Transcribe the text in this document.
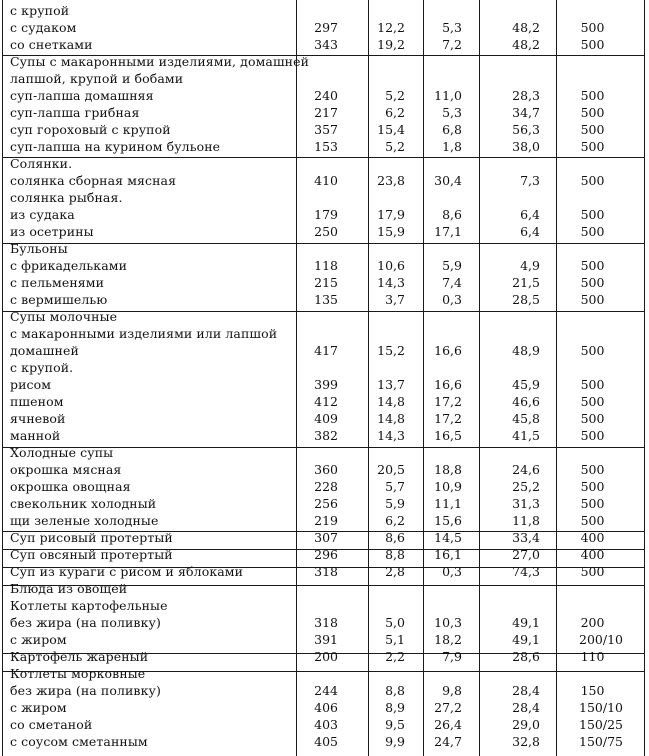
с крупой
с судаком	297	12,2	5,3	48,2	500
со снетками	343	19,2	7,2	48,2	500
Супы с макаронными изделиями, домашней
лапшой, крупой и бобами
суп-лапша домашняя	240	5,2	11,0	28,3	500
суп-лапша грибная	217	6,2	5,3	34,7	500
суп гороховый с крупой	357	15,4	6,8	56,3	500
суп-лапша на курином бульоне	153	5,2	1,8	38,0	500
Солянки.
солянка сборная мясная	410	23,8	30,4	7,3	500
солянка рыбная.
из судака	179	17,9	8,6	6,4	500
из осетрины	250	15,9	17,1	6,4	500
Бульоны
с фрикадельками	118	10,6	5,9	4,9	500
с пельменями	215	14,3	7,4	21,5	500
с вермишелью	135	3,7	0,3	28,5	500
Супы молочные
с макаронными изделиями или лапшой
домашней	417	15,2	16,6	48,9	500
с крупой.
рисом	399	13,7	16,6	45,9	500
пшеном	412	14,8	17,2	46,6	500
ячневой	409	14,8	17,2	45,8	500
манной	382	14,3	16,5	41,5	500
Холодные супы
окрошка мясная	360	20,5	18,8	24,6	500
окрошка овощная	228	5,7	10,9	25,2	500
свекольник холодный	256	5,9	11,1	31,3	500
щи зеленые холодные	219	6,2	15,6	11,8	500
Суп рисовый протертый	307	8,6	14,5	33,4	400
Суп овсяный протертый	296	8,8	16,1	27,0	400
Суп из кураги с рисом и яблоками	318	2,8	0,3	74,3	500
Блюда из овощей
Котлеты картофельные
без жира (на поливку)	318	5,0	10,3	49,1	200
с жиром	391	5,1	18,2	49,1	200/10
Картофель жареный	200	2,2	7,9	28,6	110
Котлеты морковные
без жира (на поливку)	244	8,8	9,8	28,4	150
с жиром	406	8,9	27,2	28,4	150/10
со сметаной	403	9,5	26,4	29,0	150/25
с соусом сметанным	405	9,9	24,7	32,8	150/75
